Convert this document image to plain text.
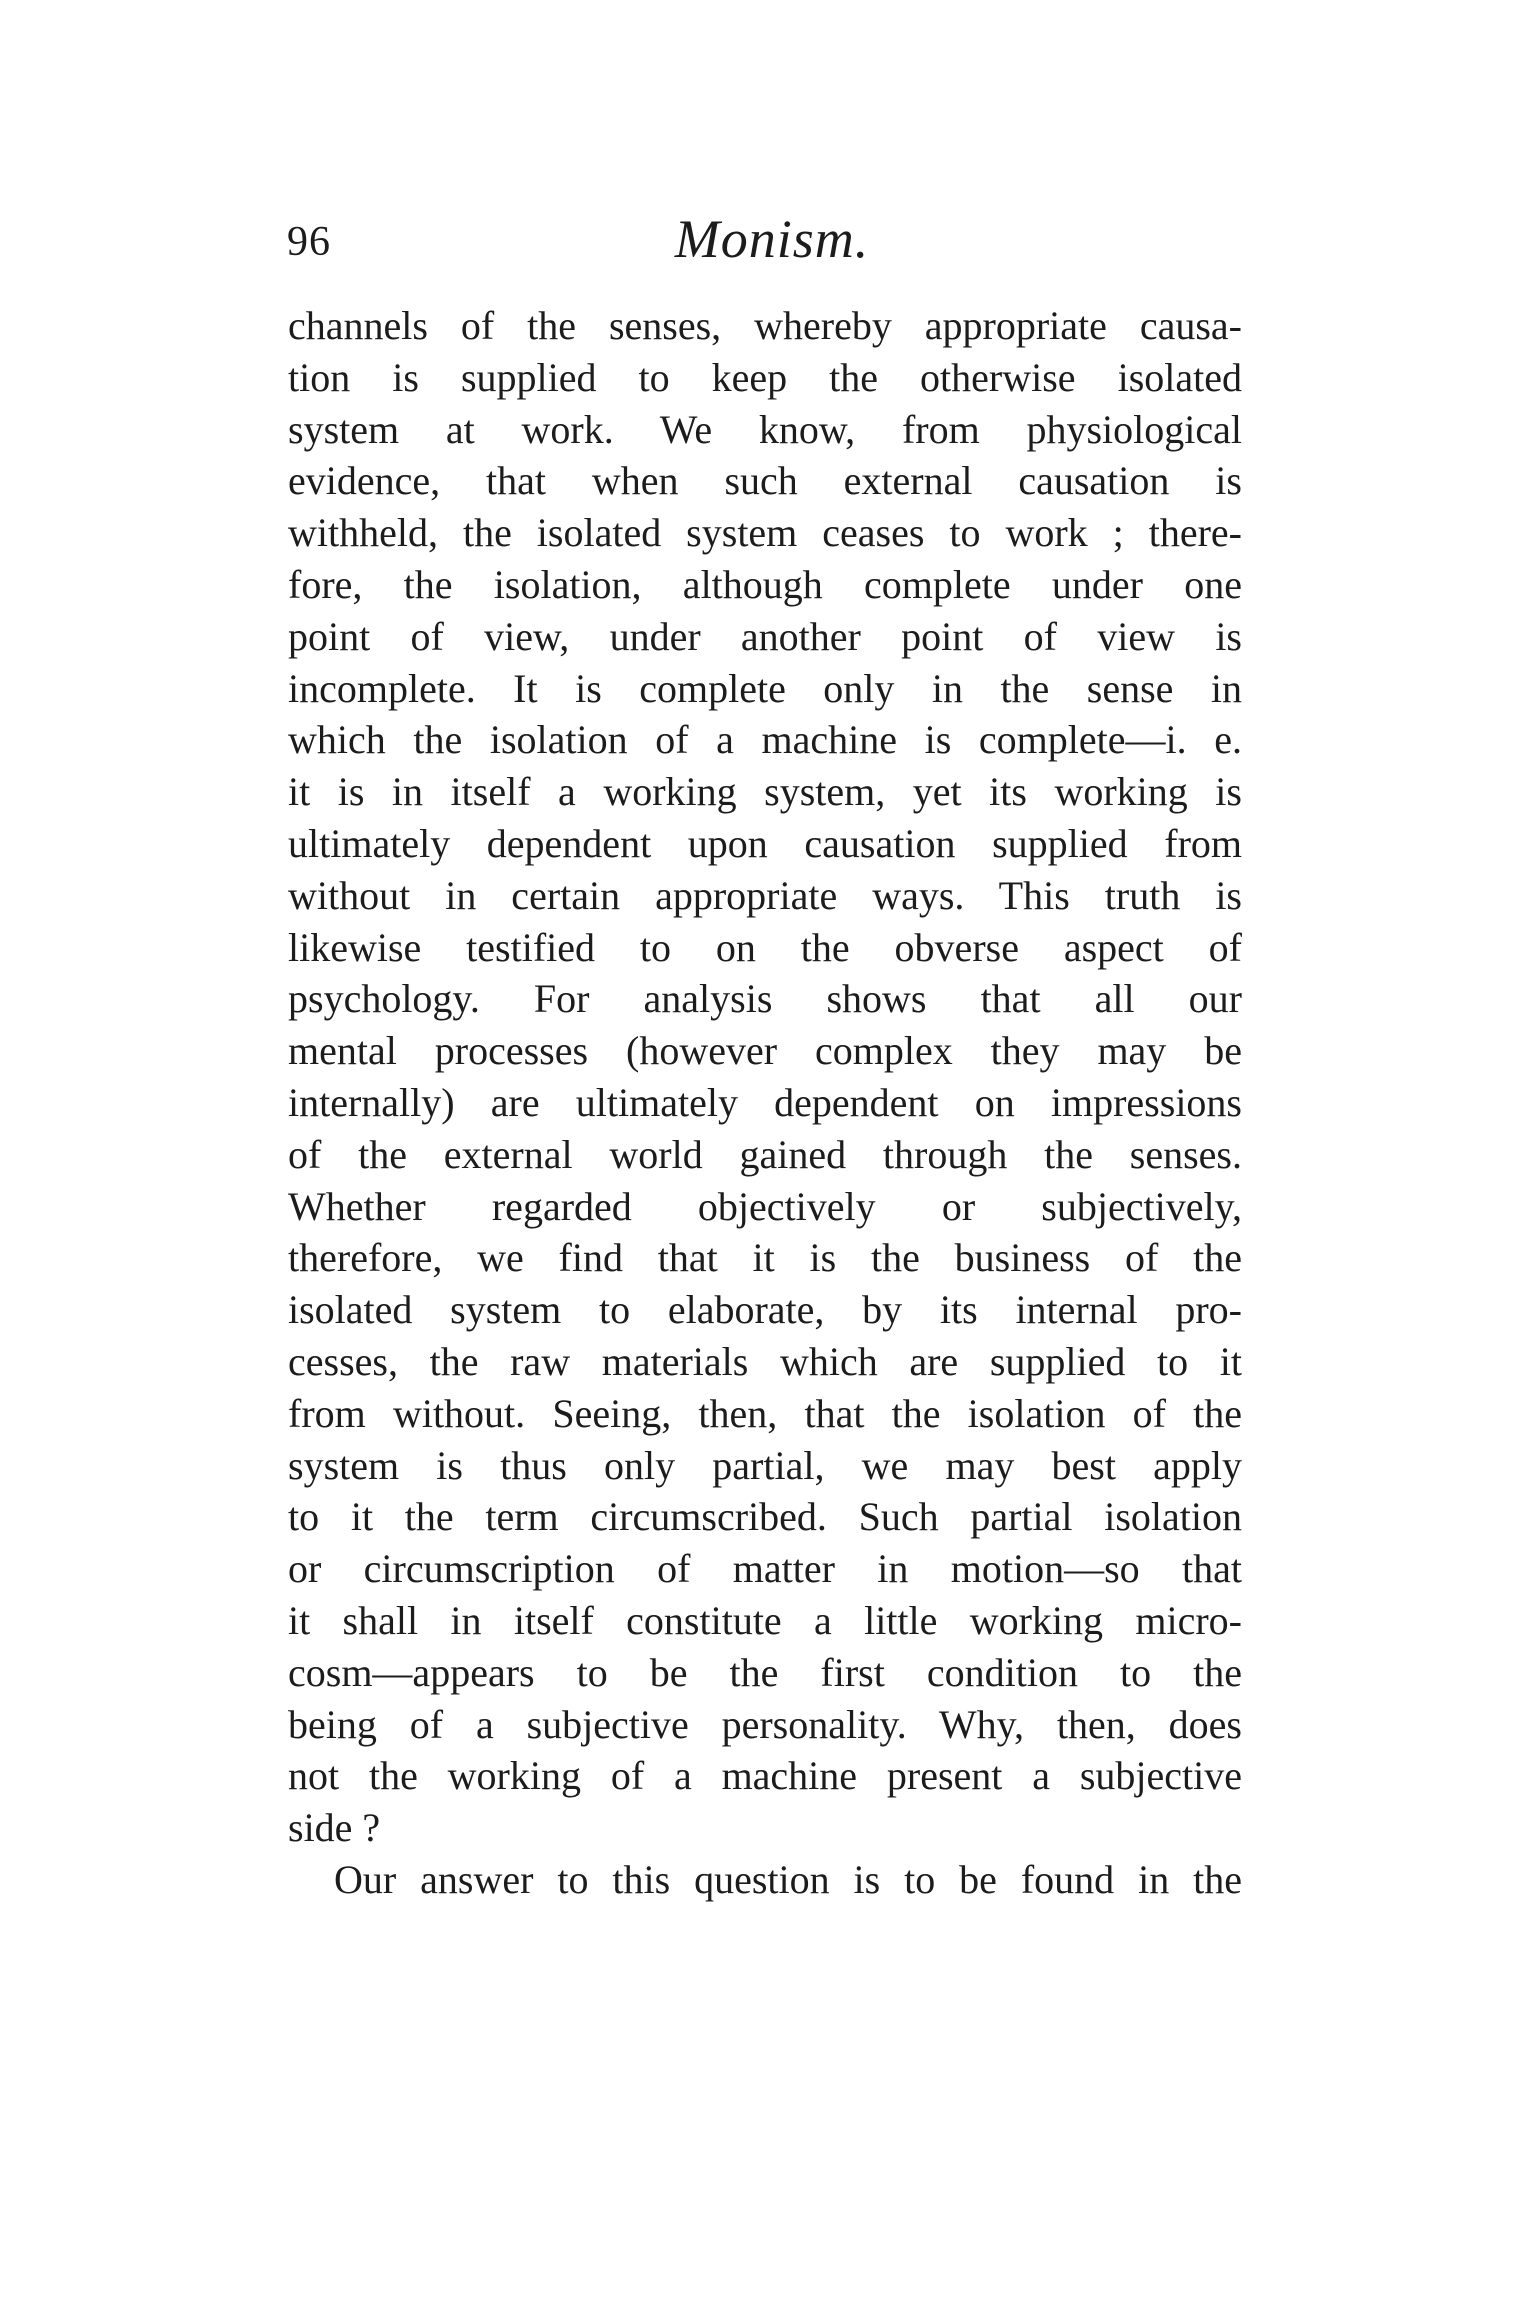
96	Monism.
channels of the senses, whereby appropriate causa-
tion is supplied to keep the otherwise isolated
system at work. We know, from physiological
evidence, that when such external causation is
withheld, the isolated system ceases to work ; there-
fore, the isolation, although complete under one
point of view, under another point of view is
incomplete. It is complete only in the sense in
which the isolation of a machine is complete—i. e.
it is in itself a working system, yet its working is
ultimately dependent upon causation supplied from
without in certain appropriate ways. This truth is
likewise testified to on the obverse aspect of
psychology. For analysis shows that all our
mental processes (however complex they may be
internally) are ultimately dependent on impressions
of the external world gained through the senses.
Whether regarded objectively or subjectively,
therefore, we find that it is the business of the
isolated system to elaborate, by its internal pro-
cesses, the raw materials which are supplied to it
from without. Seeing, then, that the isolation of the
system is thus only partial, we may best apply
to it the term circumscribed. Such partial isolation
or circumscription of matter in motion—so that
it shall in itself constitute a little working micro-
cosm—appears to be the first condition to the
being of a subjective personality. Why, then, does
not the working of a machine present a subjective
side ?
Our answer to this question is to be found in the
